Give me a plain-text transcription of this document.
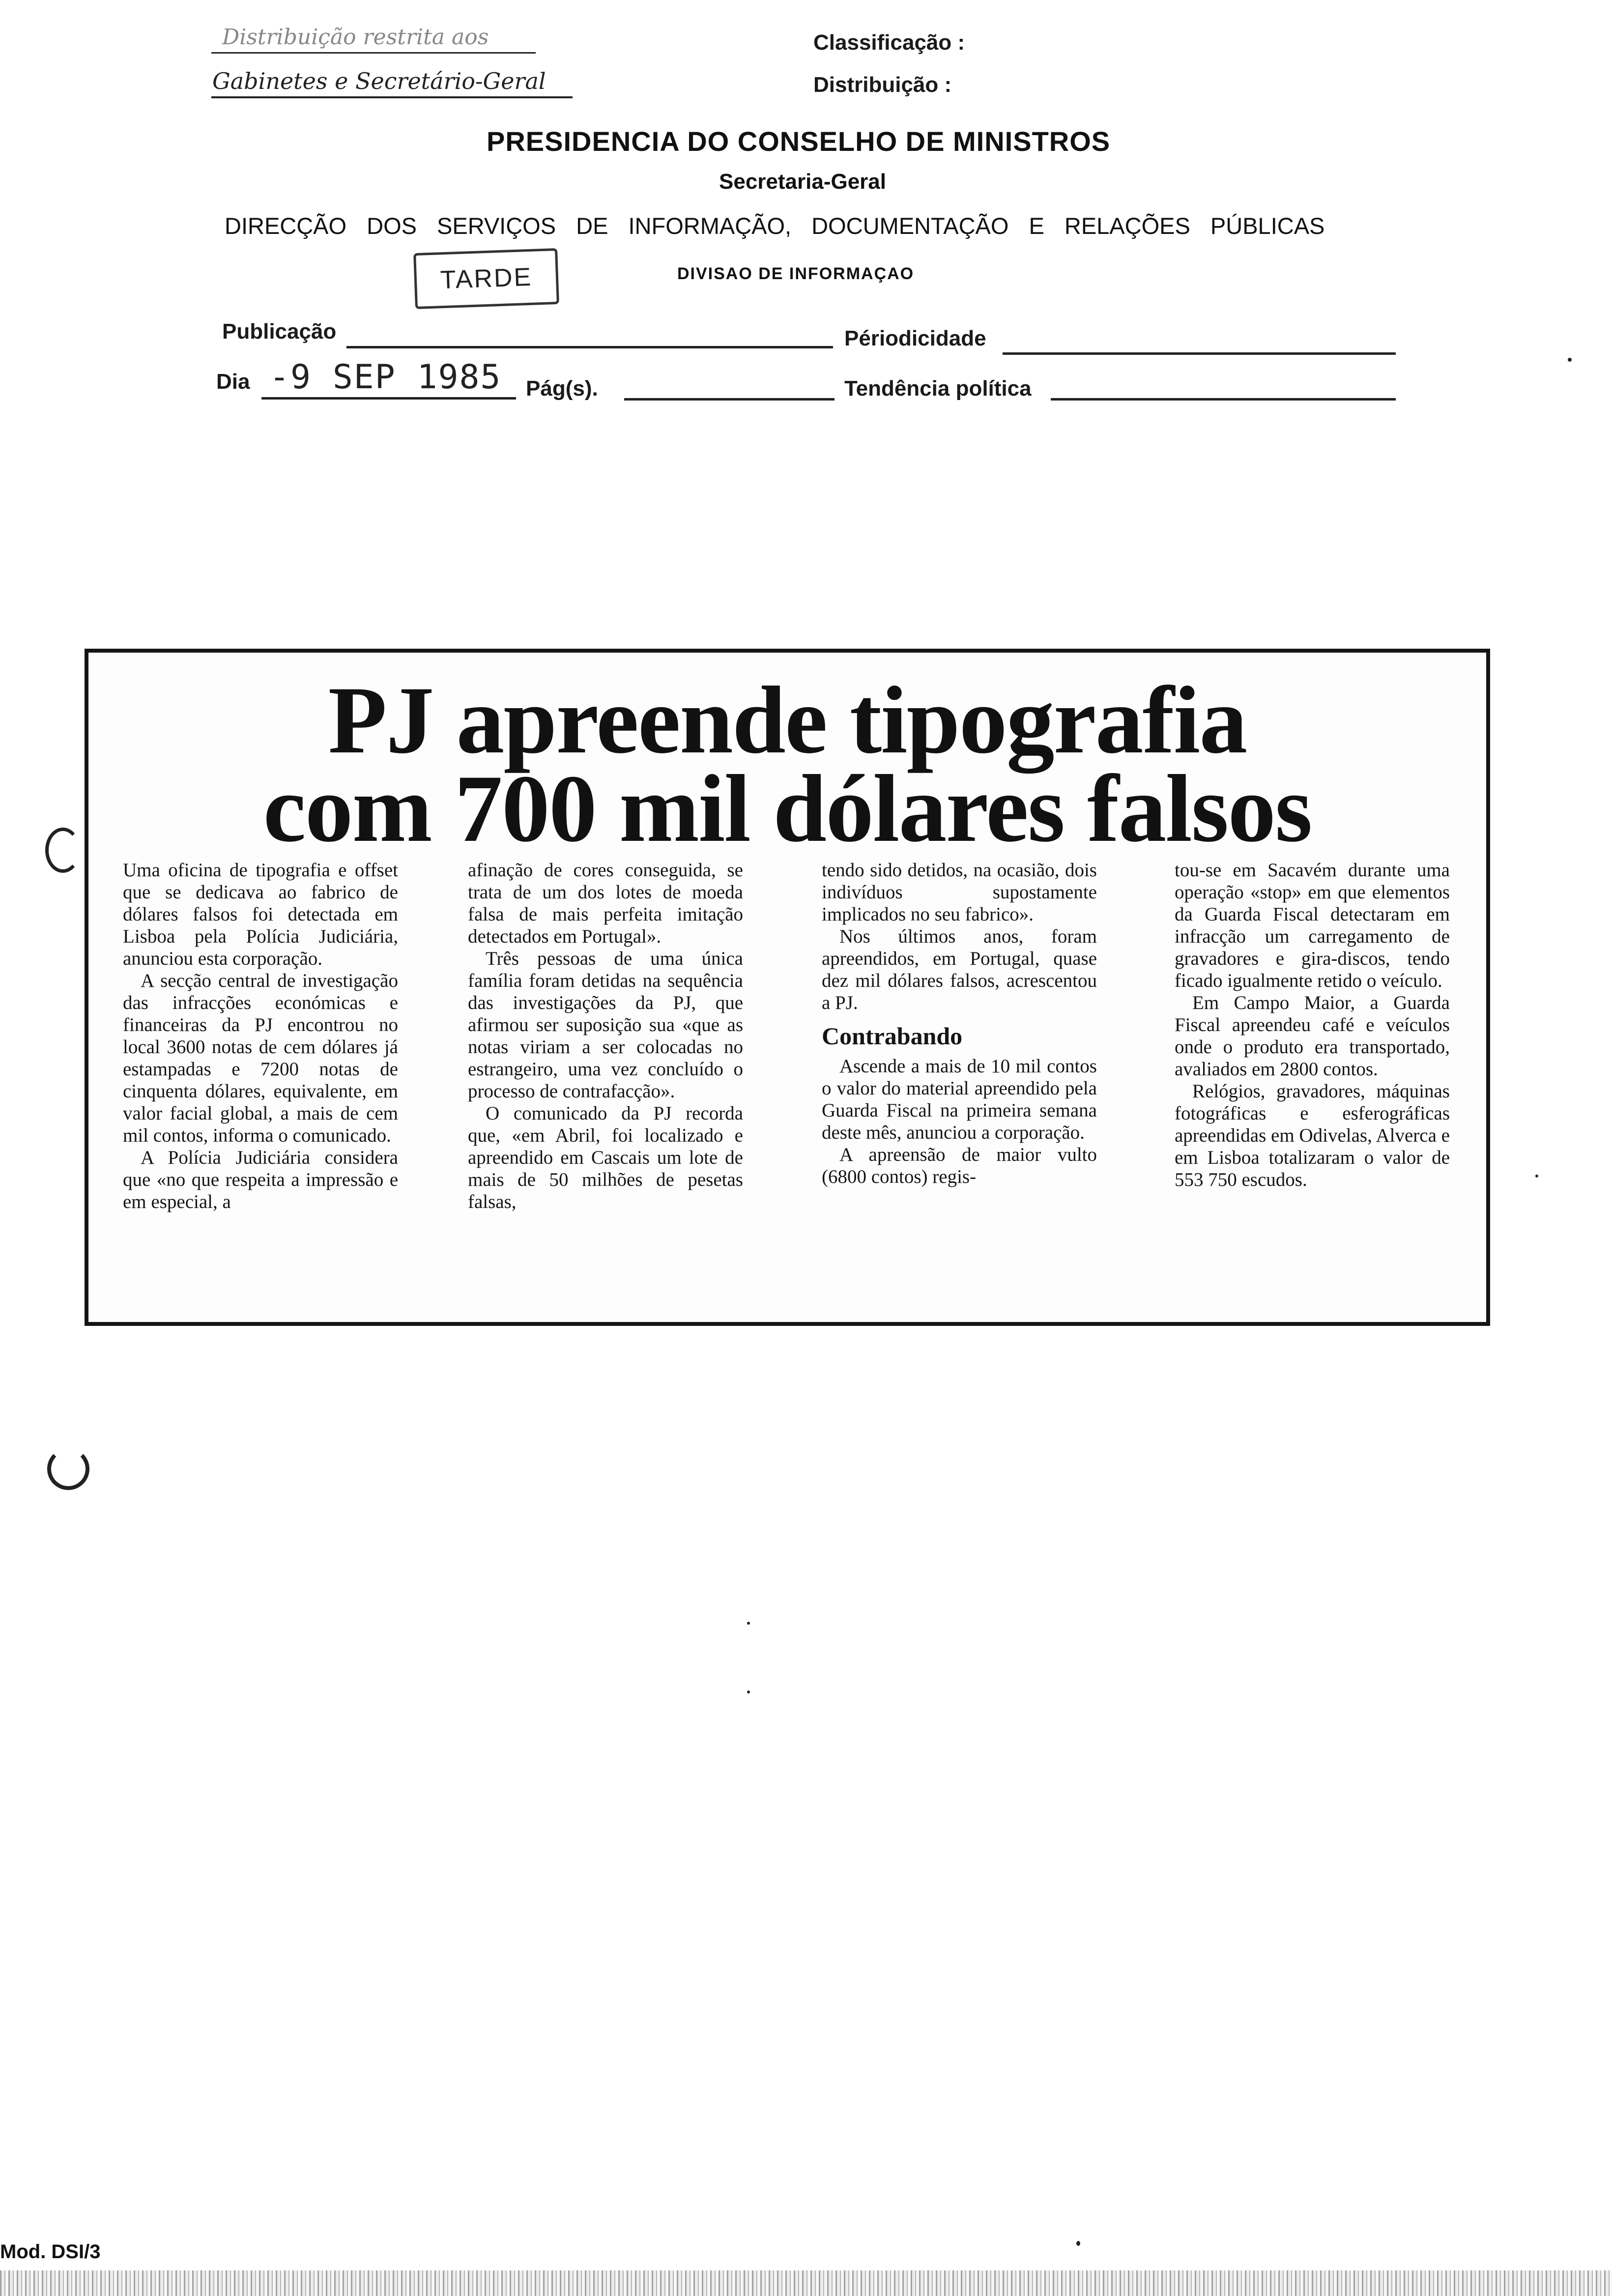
Distribuição restrita aos
Gabinetes e Secretário-Geral
Classificação :
Distribuição :
PRESIDENCIA DO CONSELHO DE MINISTROS
Secretaria-Geral
DIRECÇÃO DOS SERVIÇOS DE INFORMAÇÃO, DOCUMENTAÇÃO E RELAÇÕES PÚBLICAS
TARDE	DIVISAO DE INFORMAÇAO
Publicação	Périodicidade
Dia -9 SEP 1985 Pág(s).	Tendência política
PJ apreende tipografia
com 700 mil dólares falsos

Uma oficina de tipografia e offset que se dedicava ao fabrico de dólares falsos foi detectada em Lisboa pela Polícia Judiciária, anunciou esta corporação.

A secção central de investigação das infracções económicas e financeiras da PJ encontrou no local 3600 notas de cem dólares já estampadas e 7200 notas de cinquenta dólares, equivalente, em valor facial global, a mais de cem mil contos, informa o comunicado.

A Polícia Judiciária considera que «no que respeita a impressão e em especial, a

afinação de cores conseguida, se trata de um dos lotes de moeda falsa de mais perfeita imitação detectados em Portugal».

Três pessoas de uma única família foram detidas na sequência das investigações da PJ, que afirmou ser suposição sua «que as notas viriam a ser colocadas no estrangeiro, uma vez concluído o processo de contrafacção».

O comunicado da PJ recorda que, «em Abril, foi localizado e apreendido em Cascais um lote de mais de 50 milhões de pesetas falsas,

tendo sido detidos, na ocasião, dois indivíduos supostamente implicados no seu fabrico».

Nos últimos anos, foram apreendidos, em Portugal, quase dez mil dólares falsos, acrescentou a PJ.

Contrabando

Ascende a mais de 10 mil contos o valor do material apreendido pela Guarda Fiscal na primeira semana deste mês, anunciou a corporação.

A apreensão de maior vulto (6800 contos) regis-

tou-se em Sacavém durante uma operação «stop» em que elementos da Guarda Fiscal detectaram em infracção um carregamento de gravadores e gira-discos, tendo ficado igualmente retido o veículo.

Em Campo Maior, a Guarda Fiscal apreendeu café e veículos onde o produto era transportado, avaliados em 2800 contos.

Relógios, gravadores, máquinas fotográficas e esferográficas apreendidas em Odivelas, Alverca e em Lisboa totalizaram o valor de 553 750 escudos.

Mod. DSI/3
